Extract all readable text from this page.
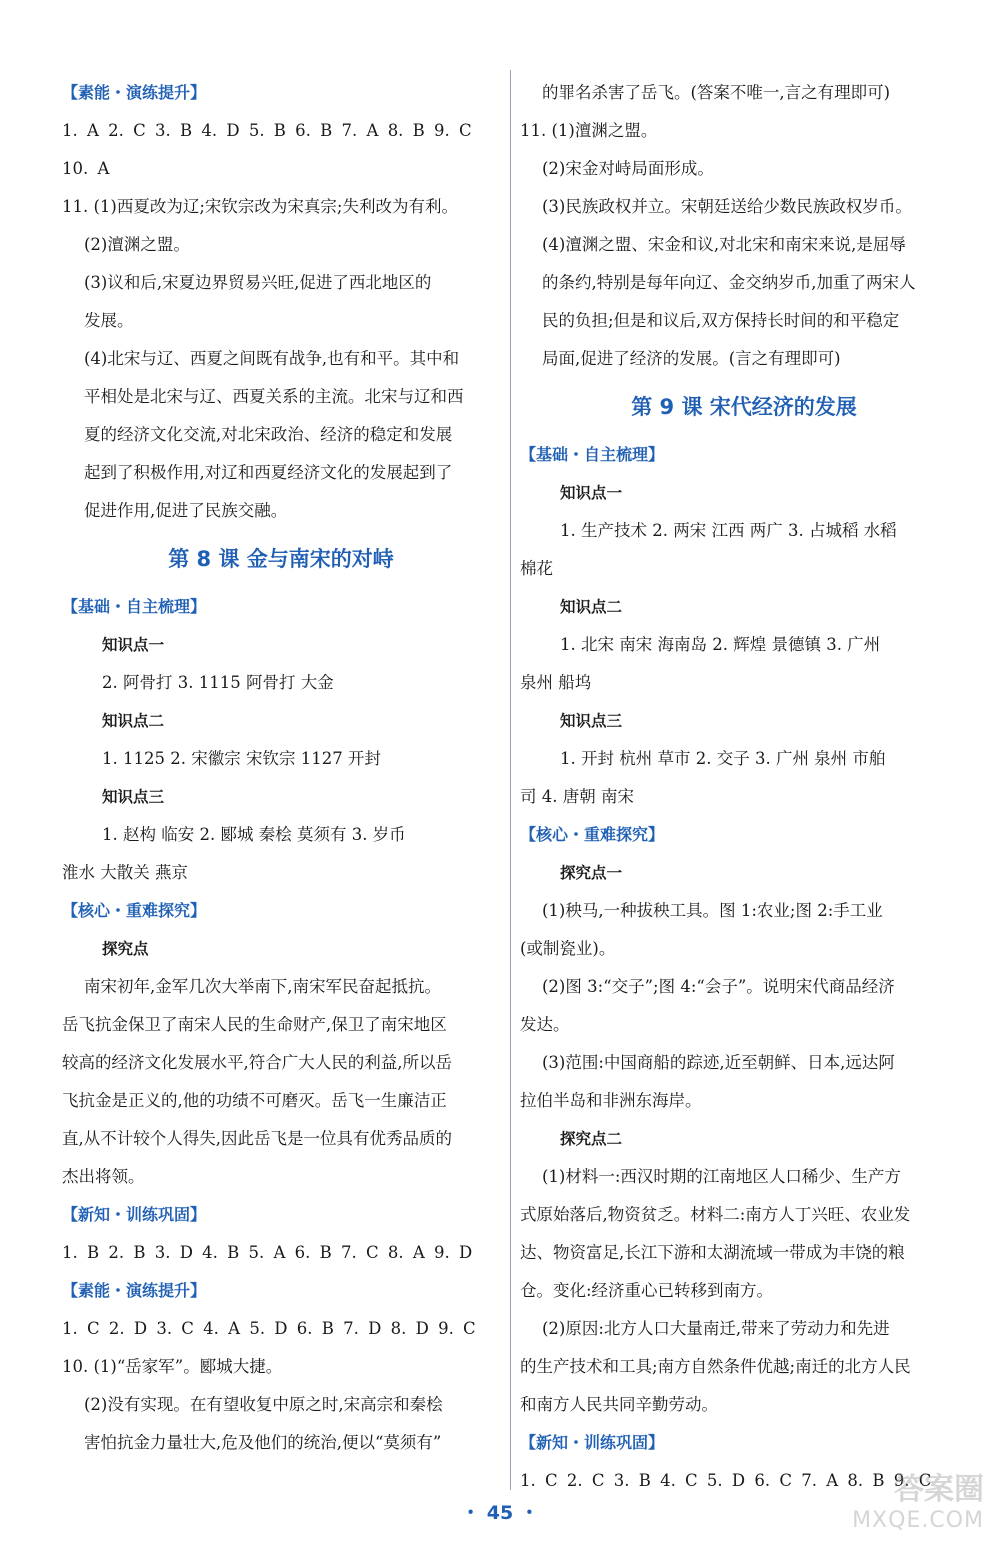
【素能・演练提升】
1. A 2. C 3. B 4. D 5. B 6. B 7. A 8. B 9. C
10. A
11. (1)西夏改为辽;宋钦宗改为宋真宗;失利改为有利。
(2)澶渊之盟。
(3)议和后,宋夏边界贸易兴旺,促进了西北地区的
发展。
(4)北宋与辽、西夏之间既有战争,也有和平。其中和
平相处是北宋与辽、西夏关系的主流。北宋与辽和西
夏的经济文化交流,对北宋政治、经济的稳定和发展
起到了积极作用,对辽和西夏经济文化的发展起到了
促进作用,促进了民族交融。
第 8 课 金与南宋的对峙
【基础・自主梳理】
知识点一
2. 阿骨打 3. 1115 阿骨打 大金
知识点二
1. 1125 2. 宋徽宗 宋钦宗 1127 开封
知识点三
1. 赵构 临安 2. 郾城 秦桧 莫须有 3. 岁币
淮水 大散关 燕京
【核心・重难探究】
探究点
南宋初年,金军几次大举南下,南宋军民奋起抵抗。
岳飞抗金保卫了南宋人民的生命财产,保卫了南宋地区
较高的经济文化发展水平,符合广大人民的利益,所以岳
飞抗金是正义的,他的功绩不可磨灭。岳飞一生廉洁正
直,从不计较个人得失,因此岳飞是一位具有优秀品质的
杰出将领。
【新知・训练巩固】
1. B 2. B 3. D 4. B 5. A 6. B 7. C 8. A 9. D
【素能・演练提升】
1. C 2. D 3. C 4. A 5. D 6. B 7. D 8. D 9. C
10. (1)“岳家军”。郾城大捷。
(2)没有实现。在有望收复中原之时,宋高宗和秦桧
害怕抗金力量壮大,危及他们的统治,便以“莫须有”
的罪名杀害了岳飞。(答案不唯一,言之有理即可)
11. (1)澶渊之盟。
(2)宋金对峙局面形成。
(3)民族政权并立。宋朝廷送给少数民族政权岁币。
(4)澶渊之盟、宋金和议,对北宋和南宋来说,是屈辱
的条约,特别是每年向辽、金交纳岁币,加重了两宋人
民的负担;但是和议后,双方保持长时间的和平稳定
局面,促进了经济的发展。(言之有理即可)
第 9 课 宋代经济的发展
【基础・自主梳理】
知识点一
1. 生产技术 2. 两宋 江西 两广 3. 占城稻 水稻
棉花
知识点二
1. 北宋 南宋 海南岛 2. 辉煌 景德镇 3. 广州
泉州 船坞
知识点三
1. 开封 杭州 草市 2. 交子 3. 广州 泉州 市舶
司 4. 唐朝 南宋
【核心・重难探究】
探究点一
(1)秧马,一种拔秧工具。图 1:农业;图 2:手工业
(或制瓷业)。
(2)图 3:“交子”;图 4:“会子”。说明宋代商品经济
发达。
(3)范围:中国商船的踪迹,近至朝鲜、日本,远达阿
拉伯半岛和非洲东海岸。
探究点二
(1)材料一:西汉时期的江南地区人口稀少、生产方
式原始落后,物资贫乏。材料二:南方人丁兴旺、农业发
达、物资富足,长江下游和太湖流域一带成为丰饶的粮
仓。变化:经济重心已转移到南方。
(2)原因:北方人口大量南迁,带来了劳动力和先进
的生产技术和工具;南方自然条件优越;南迁的北方人民
和南方人民共同辛勤劳动。
【新知・训练巩固】
1. C 2. C 3. B 4. C 5. D 6. C 7. A 8. B 9. C
・ 45 ・
答案圈
MXQE.COM
